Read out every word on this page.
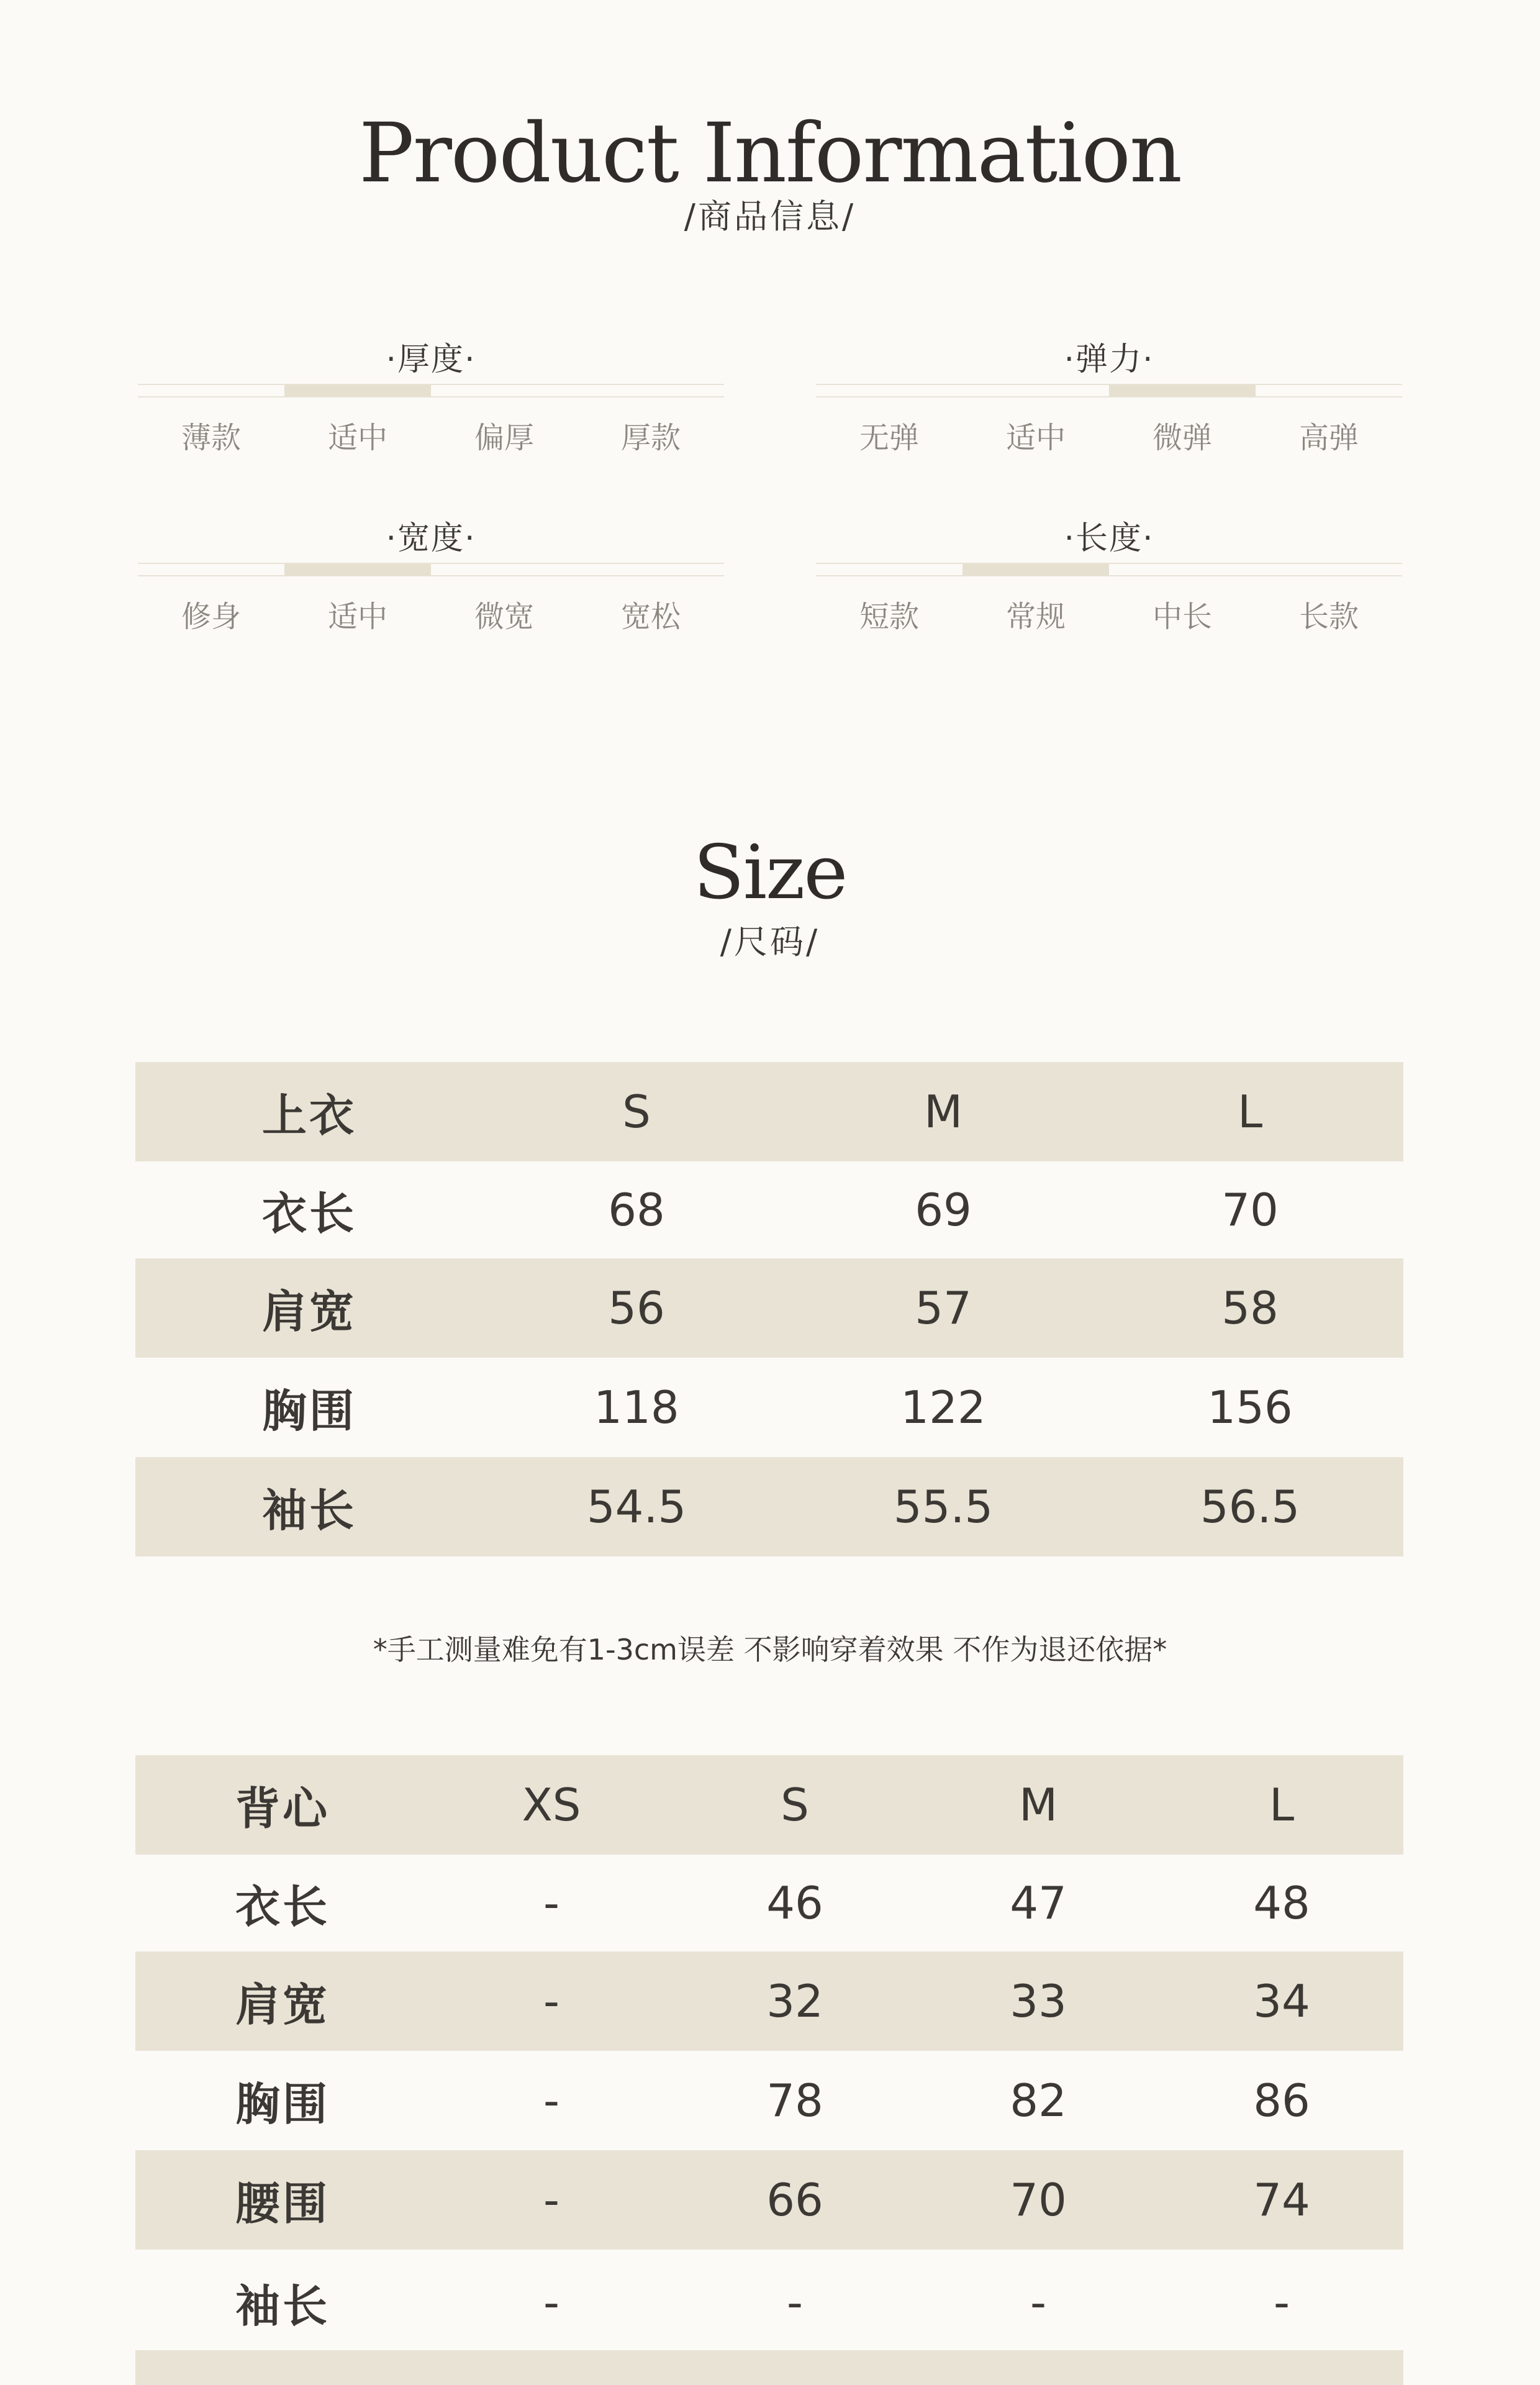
Product Information
/商品信息/
·厚度·
薄款	适中	偏厚	厚款
·弹力·
无弹	适中	微弹	高弹
·宽度·
修身	适中	微宽	宽松
·长度·
短款	常规	中长	长款
Size
/尺码/
上衣	S	M	L
衣长	68	69	70
肩宽	56	57	58
胸围	118	122	156
袖长	54.5	55.5	56.5
*手工测量难免有1-3cm误差 不影响穿着效果 不作为退还依据*
背心	XS	S	M	L
衣长	-	46	47	48
肩宽	-	32	33	34
胸围	-	78	82	86
腰围	-	66	70	74
袖长	-	-	-	-
